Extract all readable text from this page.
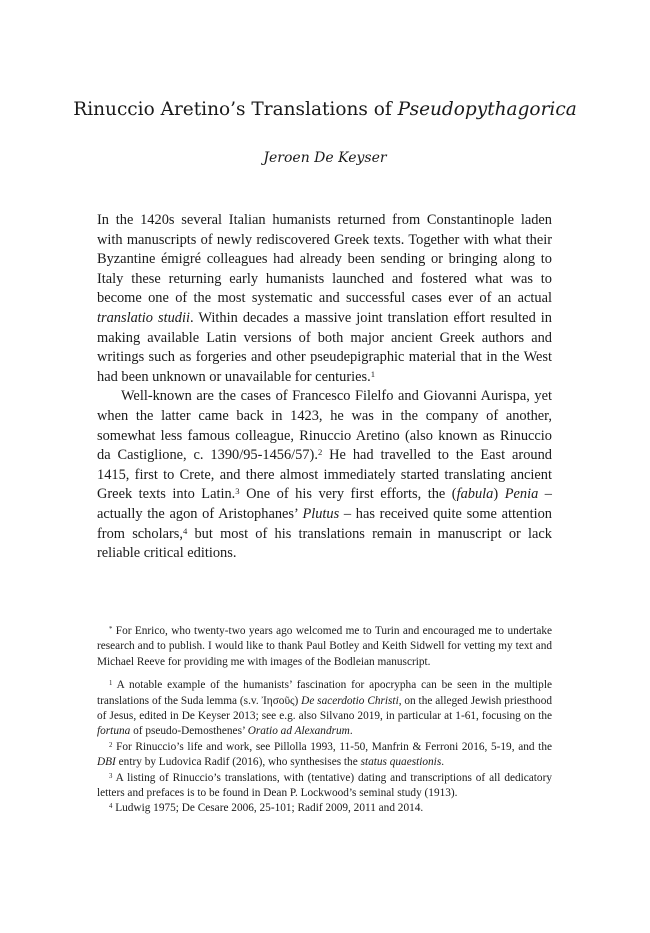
Rinuccio Aretino’s Translations of Pseudopythagorica
Jeroen De Keyser

In the 1420s several Italian humanists returned from Constantinople laden with manuscripts of newly rediscovered Greek texts. Together with what their Byzantine émigré colleagues had already been sending or bringing along to Italy these returning early humanists launched and fostered what was to become one of the most systematic and successful cases ever of an actual translatio studii. Within decades a massive joint translation effort resulted in making available Latin versions of both major ancient Greek authors and writings such as forgeries and other pseudepigraphic material that in the West had been unknown or unavailable for centuries.$^1$

Well-known are the cases of Francesco Filelfo and Giovanni Aurispa, yet when the latter came back in 1423, he was in the company of another, somewhat less famous colleague, Rinuccio Aretino (also known as Rinuccio da Castiglione, c. 1390/95-1456/57).$^2$ He had travelled to the East around 1415, first to Crete, and there almost immediately started translating ancient Greek texts into Latin.$^3$ One of his very first efforts, the (fabula) Penia – actually the agon of Aristophanes’ Plutus – has received quite some attention from scholars,$^4$ but most of his translations remain in manuscript or lack reliable critical editions.

* For Enrico, who twenty-two years ago welcomed me to Turin and encouraged me to undertake research and to publish. I would like to thank Paul Botley and Keith Sidwell for vetting my text and Michael Reeve for providing me with images of the Bodleian manuscript.

$^1$ A notable example of the humanists’ fascination for apocrypha can be seen in the multiple translations of the Suda lemma (s.v. Ἰησοῦς) De sacerdotio Christi, on the alleged Jewish priesthood of Jesus, edited in De Keyser 2013; see e.g. also Silvano 2019, in particular at 1-61, focusing on the fortuna of pseudo-Demosthenes’ Oratio ad Alexandrum.

$^2$ For Rinuccio’s life and work, see Pillolla 1993, 11-50, Manfrin & Ferroni 2016, 5-19, and the DBI entry by Ludovica Radif (2016), who synthesises the status quaestionis.

$^3$ A listing of Rinuccio’s translations, with (tentative) dating and transcriptions of all dedicatory letters and prefaces is to be found in Dean P. Lockwood’s seminal study (1913).

$^4$ Ludwig 1975; De Cesare 2006, 25-101; Radif 2009, 2011 and 2014.
